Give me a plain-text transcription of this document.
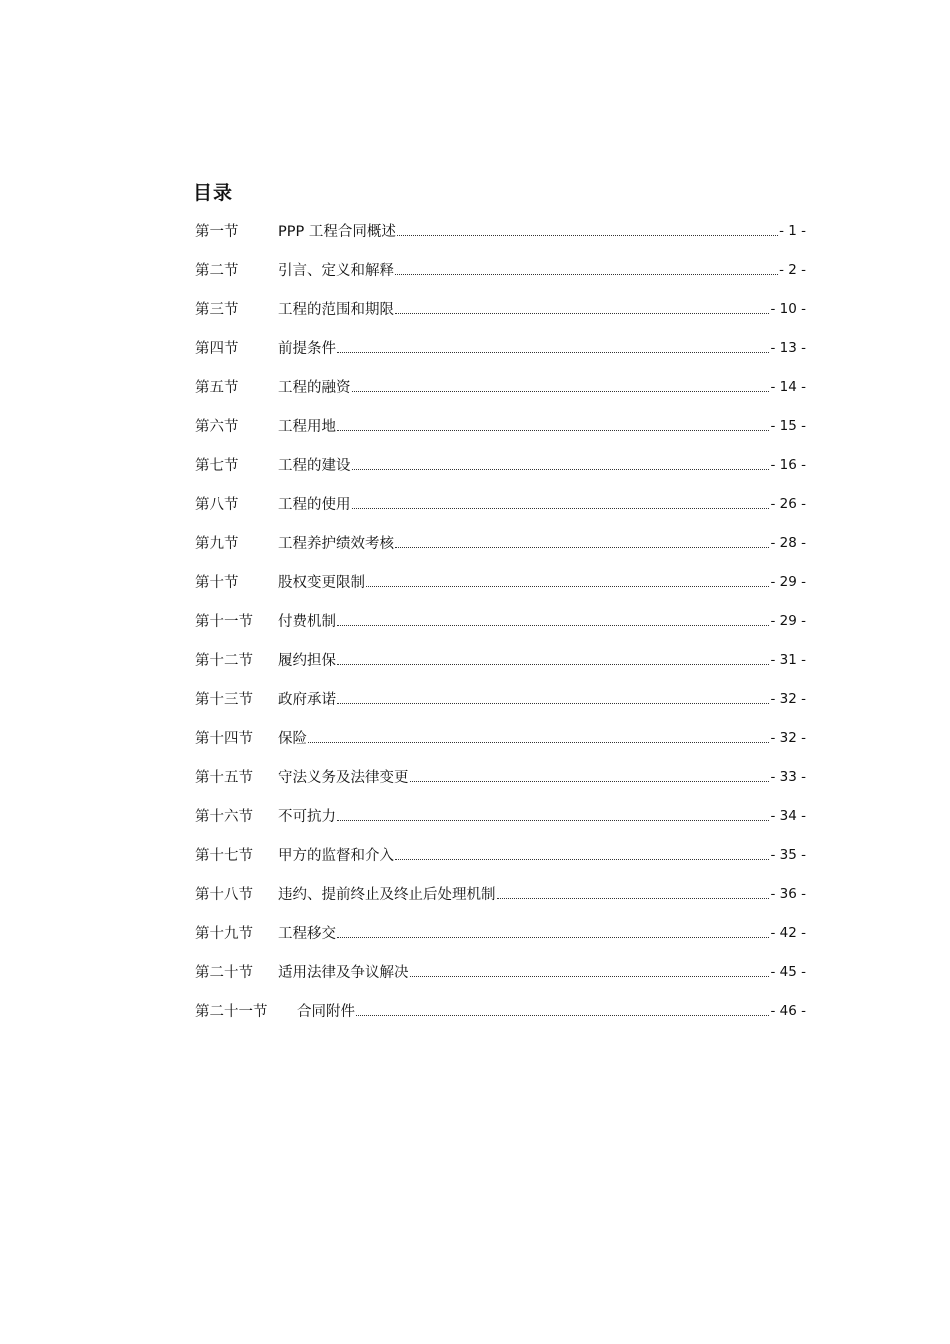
目录
第一节	PPP 工程合同概述	- 1 -
第二节	引言、定义和解释	- 2 -
第三节	工程的范围和期限	- 10 -
第四节	前提条件	- 13 -
第五节	工程的融资	- 14 -
第六节	工程用地	- 15 -
第七节	工程的建设	- 16 -
第八节	工程的使用	- 26 -
第九节	工程养护绩效考核	- 28 -
第十节	股权变更限制	- 29 -
第十一节	付费机制	- 29 -
第十二节	履约担保	- 31 -
第十三节	政府承诺	- 32 -
第十四节	保险	- 32 -
第十五节	守法义务及法律变更	- 33 -
第十六节	不可抗力	- 34 -
第十七节	甲方的监督和介入	- 35 -
第十八节	违约、提前终止及终止后处理机制	- 36 -
第十九节	工程移交	- 42 -
第二十节	适用法律及争议解决	- 45 -
第二十一节	合同附件	- 46 -
